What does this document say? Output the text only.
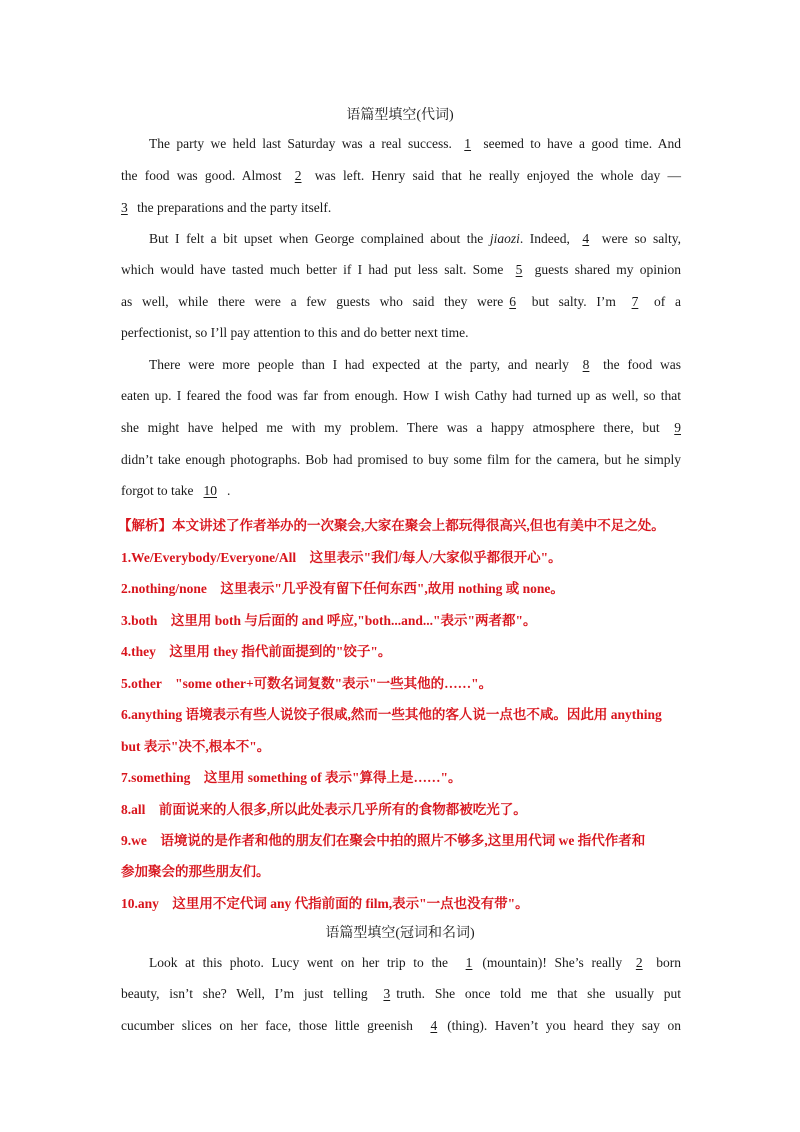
语篇型填空(代词)
The party we held last Saturday was a real success. 1 seemed to have a good time. And
the food was good. Almost 2 was left. Henry said that he really enjoyed the whole day —
3 the preparations and the party itself.
But I felt a bit upset when George complained about the jiaozi. Indeed, 4 were so salty,
which would have tasted much better if I had put less salt. Some 5 guests shared my opinion
as well, while there were a few guests who said they were 6 but salty. I’m 7 of a
perfectionist, so I’ll pay attention to this and do better next time.
There were more people than I had expected at the party, and nearly 8 the food was
eaten up. I feared the food was far from enough. How I wish Cathy had turned up as well, so that
she might have helped me with my problem. There was a happy atmosphere there, but 9
didn’t take enough photographs. Bob had promised to buy some film for the camera, but he simply
forgot to take 10 .
【解析】本文讲述了作者举办的一次聚会,大家在聚会上都玩得很高兴,但也有美中不足之处。
1.We/Everybody/Everyone/All　这里表示"我们/每人/大家似乎都很开心"。
2.nothing/none　这里表示"几乎没有留下任何东西",故用 nothing 或 none。
3.both　这里用 both 与后面的 and 呼应,"both...and..."表示"两者都"。
4.they　这里用 they 指代前面提到的"饺子"。
5.other　"some other+可数名词复数"表示"一些其他的……"。
6.anything 语境表示有些人说饺子很咸,然而一些其他的客人说一点也不咸。因此用 anything
but 表示"决不,根本不"。
7.something　这里用 something of 表示"算得上是……"。
8.all　前面说来的人很多,所以此处表示几乎所有的食物都被吃光了。
9.we　语境说的是作者和他的朋友们在聚会中拍的照片不够多,这里用代词 we 指代作者和
参加聚会的那些朋友们。
10.any　这里用不定代词 any 代指前面的 film,表示"一点也没有带"。
语篇型填空(冠词和名词)
Look at this photo. Lucy went on her trip to the 1 (mountain)! She’s really 2 born
beauty, isn’t she? Well, I’m just telling 3 truth. She once told me that she usually put
cucumber slices on her face, those little greenish 4 (thing). Haven’t you heard they say on
